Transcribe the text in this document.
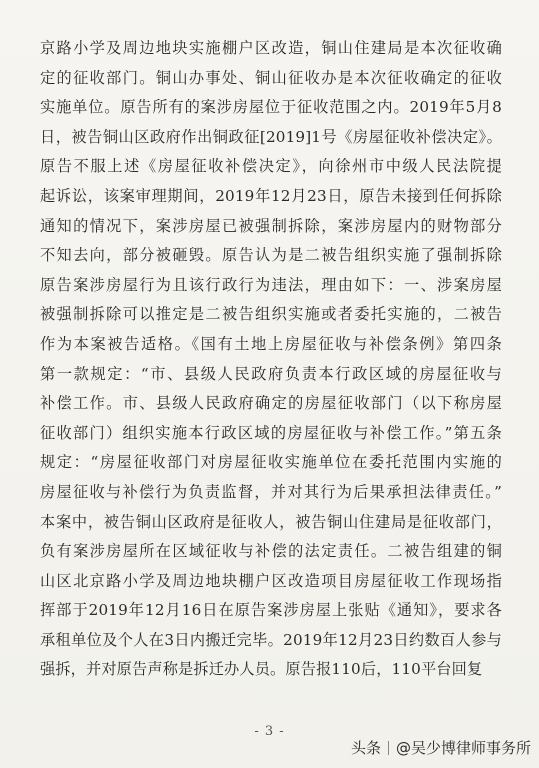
京路小学及周边地块实施棚户区改造，铜山住建局是本次征收确
定的征收部门。铜山办事处、铜山征收办是本次征收确定的征收
实施单位。原告所有的案涉房屋位于征收范围之内。2019年5月8
日，被告铜山区政府作出铜政征[2019]1号《房屋征收补偿决定》。
原告不服上述《房屋征收补偿决定》，向徐州市中级人民法院提
起诉讼，该案审理期间，2019年12月23日，原告未接到任何拆除
通知的情况下，案涉房屋已被强制拆除，案涉房屋内的财物部分
不知去向，部分被砸毁。原告认为是二被告组织实施了强制拆除
原告案涉房屋行为且该行政行为违法，理由如下：一、涉案房屋
被强制拆除可以推定是二被告组织实施或者委托实施的，二被告
作为本案被告适格。《国有土地上房屋征收与补偿条例》第四条
第一款规定：“市、县级人民政府负责本行政区域的房屋征收与
补偿工作。市、县级人民政府确定的房屋征收部门（以下称房屋
征收部门）组织实施本行政区域的房屋征收与补偿工作。”第五条
规定：“房屋征收部门对房屋征收实施单位在委托范围内实施的
房屋征收与补偿行为负责监督，并对其行为后果承担法律责任。”
本案中，被告铜山区政府是征收人，被告铜山住建局是征收部门，
负有案涉房屋所在区域征收与补偿的法定责任。二被告组建的铜
山区北京路小学及周边地块棚户区改造项目房屋征收工作现场指
挥部于2019年12月16日在原告案涉房屋上张贴《通知》，要求各
承租单位及个人在3日内搬迁完毕。2019年12月23日约数百人参与
强拆，并对原告声称是拆迁办人员。原告报110后，110平台回复
- 3 -
头条 @吴少博律师事务所
